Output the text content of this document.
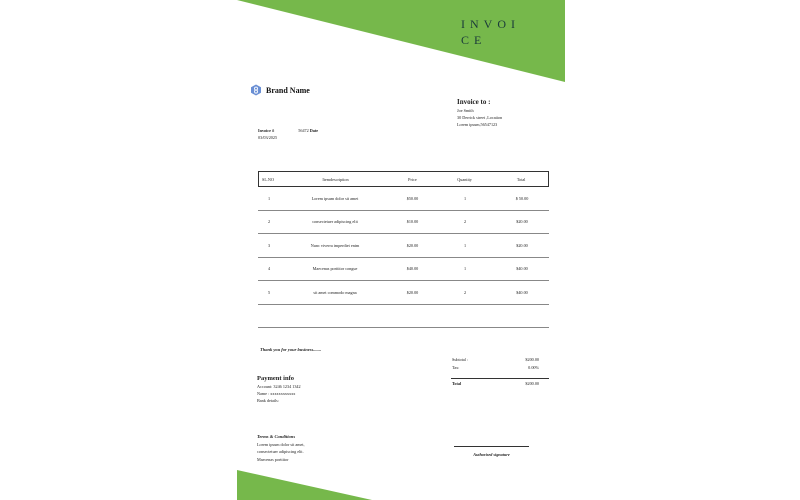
INVOICE
Brand Name
Invoice to :
Joe Smith
30 Derrick street ,Location
Lorem ipsum,56547123
Invoice #	56472 Date
03/03/2025
SL.NO	Itemdescription	Price	Quantity	Total
1	Lorem ipsum dolor sit amet	$50.00	1	$ 50.00
2	consectetuer adipiscing elit	$10.00	2	$20.00
3	Nunc viverra imperdiet enim	$20.00	1	$20.00
4	Maecenas porttitor congue	$40.00	1	$40.00
5	sit amet commodo magna	$20.00	2	$40.00
Thank you for your business.......
Subtotal :	$200.00
Tax:	0.00%
Total	$200.00
Payment info
Account: 3246 1234 1342
Name : xxxxxxxxxxxx
Bank details:
Terms & Conditions
Lorem ipsum dolor sit amet,
consectetuer adipiscing elit.
Maecenas porttitor
Authorised signature
